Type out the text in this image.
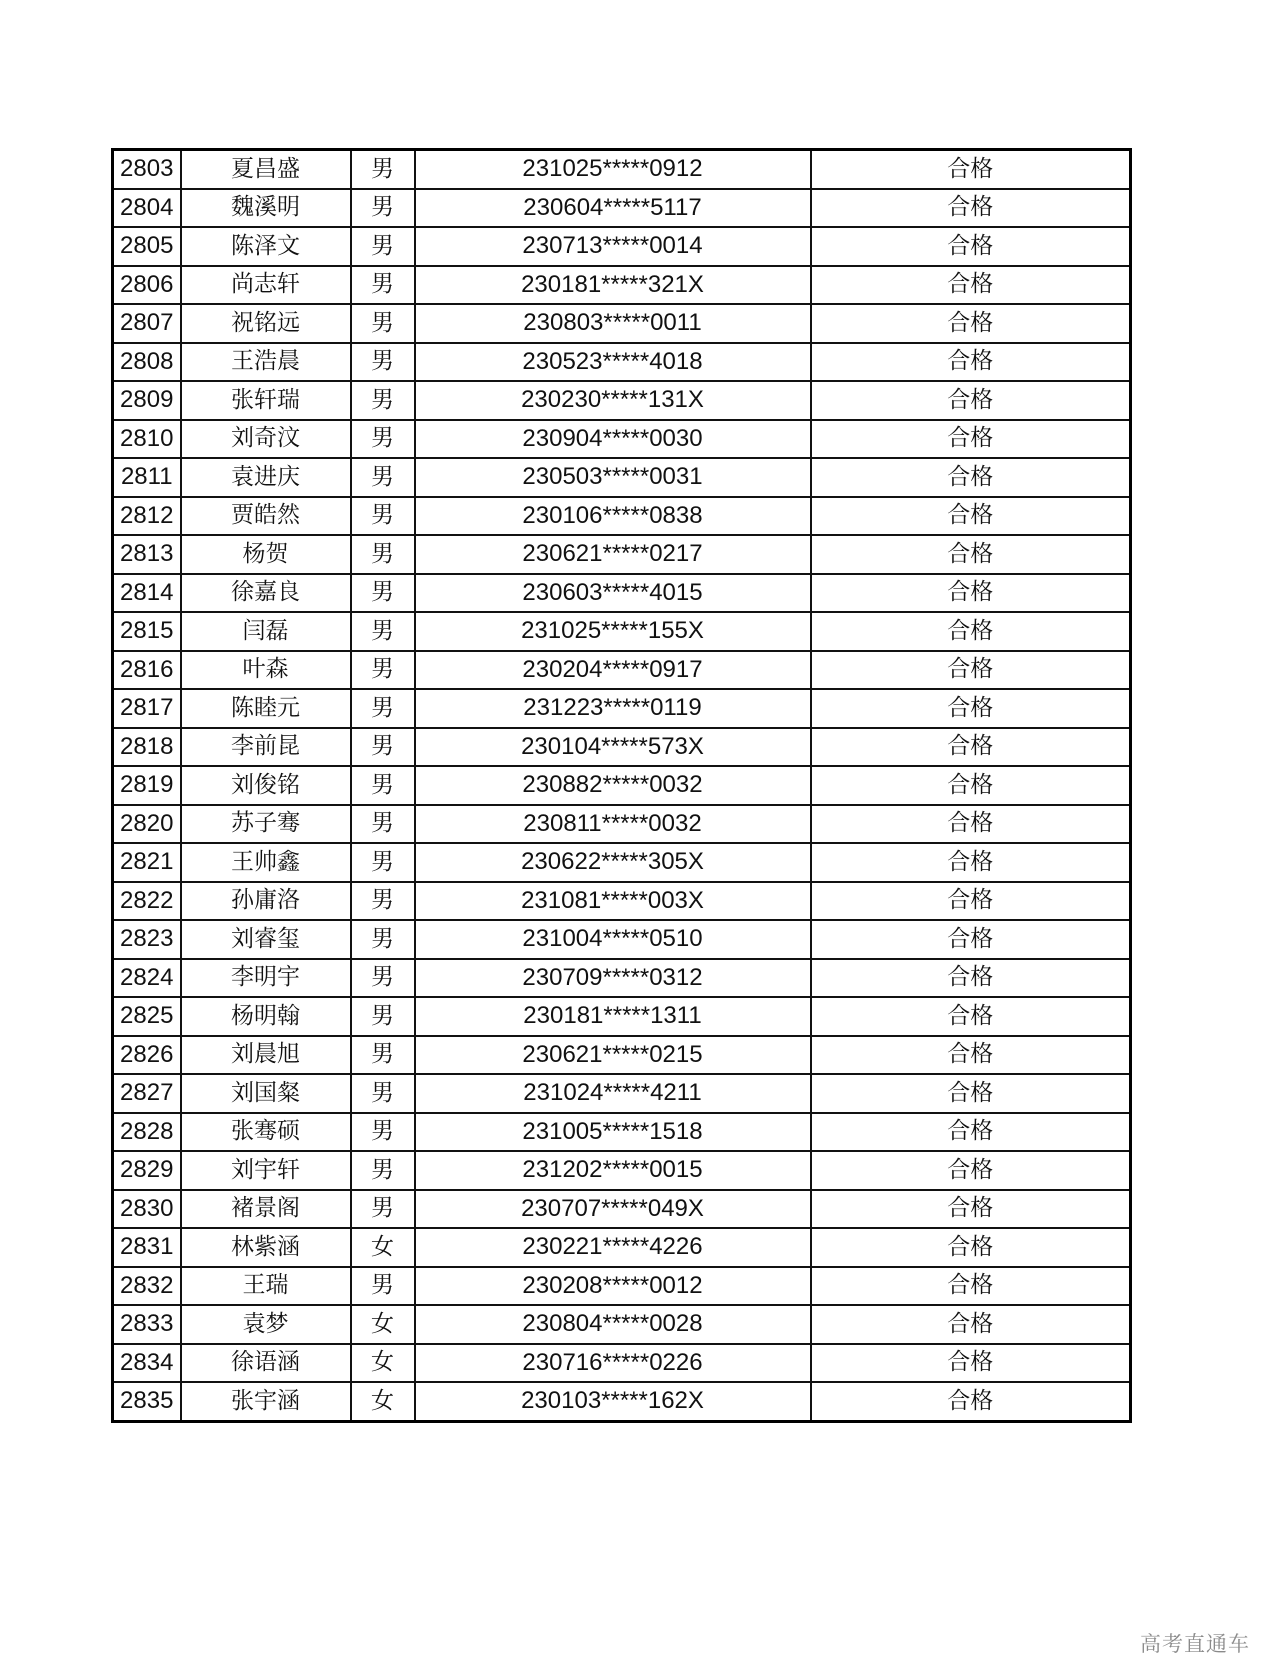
2803	夏昌盛	男	231025*****0912	合格
2804	魏溪明	男	230604*****5117	合格
2805	陈泽文	男	230713*****0014	合格
2806	尚志轩	男	230181*****321X	合格
2807	祝铭远	男	230803*****0011	合格
2808	王浩晨	男	230523*****4018	合格
2809	张轩瑞	男	230230*****131X	合格
2810	刘奇汶	男	230904*****0030	合格
2811	袁进庆	男	230503*****0031	合格
2812	贾皓然	男	230106*****0838	合格
2813	杨贺	男	230621*****0217	合格
2814	徐嘉良	男	230603*****4015	合格
2815	闫磊	男	231025*****155X	合格
2816	叶森	男	230204*****0917	合格
2817	陈睦元	男	231223*****0119	合格
2818	李前昆	男	230104*****573X	合格
2819	刘俊铭	男	230882*****0032	合格
2820	苏子骞	男	230811*****0032	合格
2821	王帅鑫	男	230622*****305X	合格
2822	孙庸洛	男	231081*****003X	合格
2823	刘睿玺	男	231004*****0510	合格
2824	李明宇	男	230709*****0312	合格
2825	杨明翰	男	230181*****1311	合格
2826	刘晨旭	男	230621*****0215	合格
2827	刘国粲	男	231024*****4211	合格
2828	张骞硕	男	231005*****1518	合格
2829	刘宇轩	男	231202*****0015	合格
2830	褚景阁	男	230707*****049X	合格
2831	林紫涵	女	230221*****4226	合格
2832	王瑞	男	230208*****0012	合格
2833	袁梦	女	230804*****0028	合格
2834	徐语涵	女	230716*****0226	合格
2835	张宇涵	女	230103*****162X	合格
高考直通车
